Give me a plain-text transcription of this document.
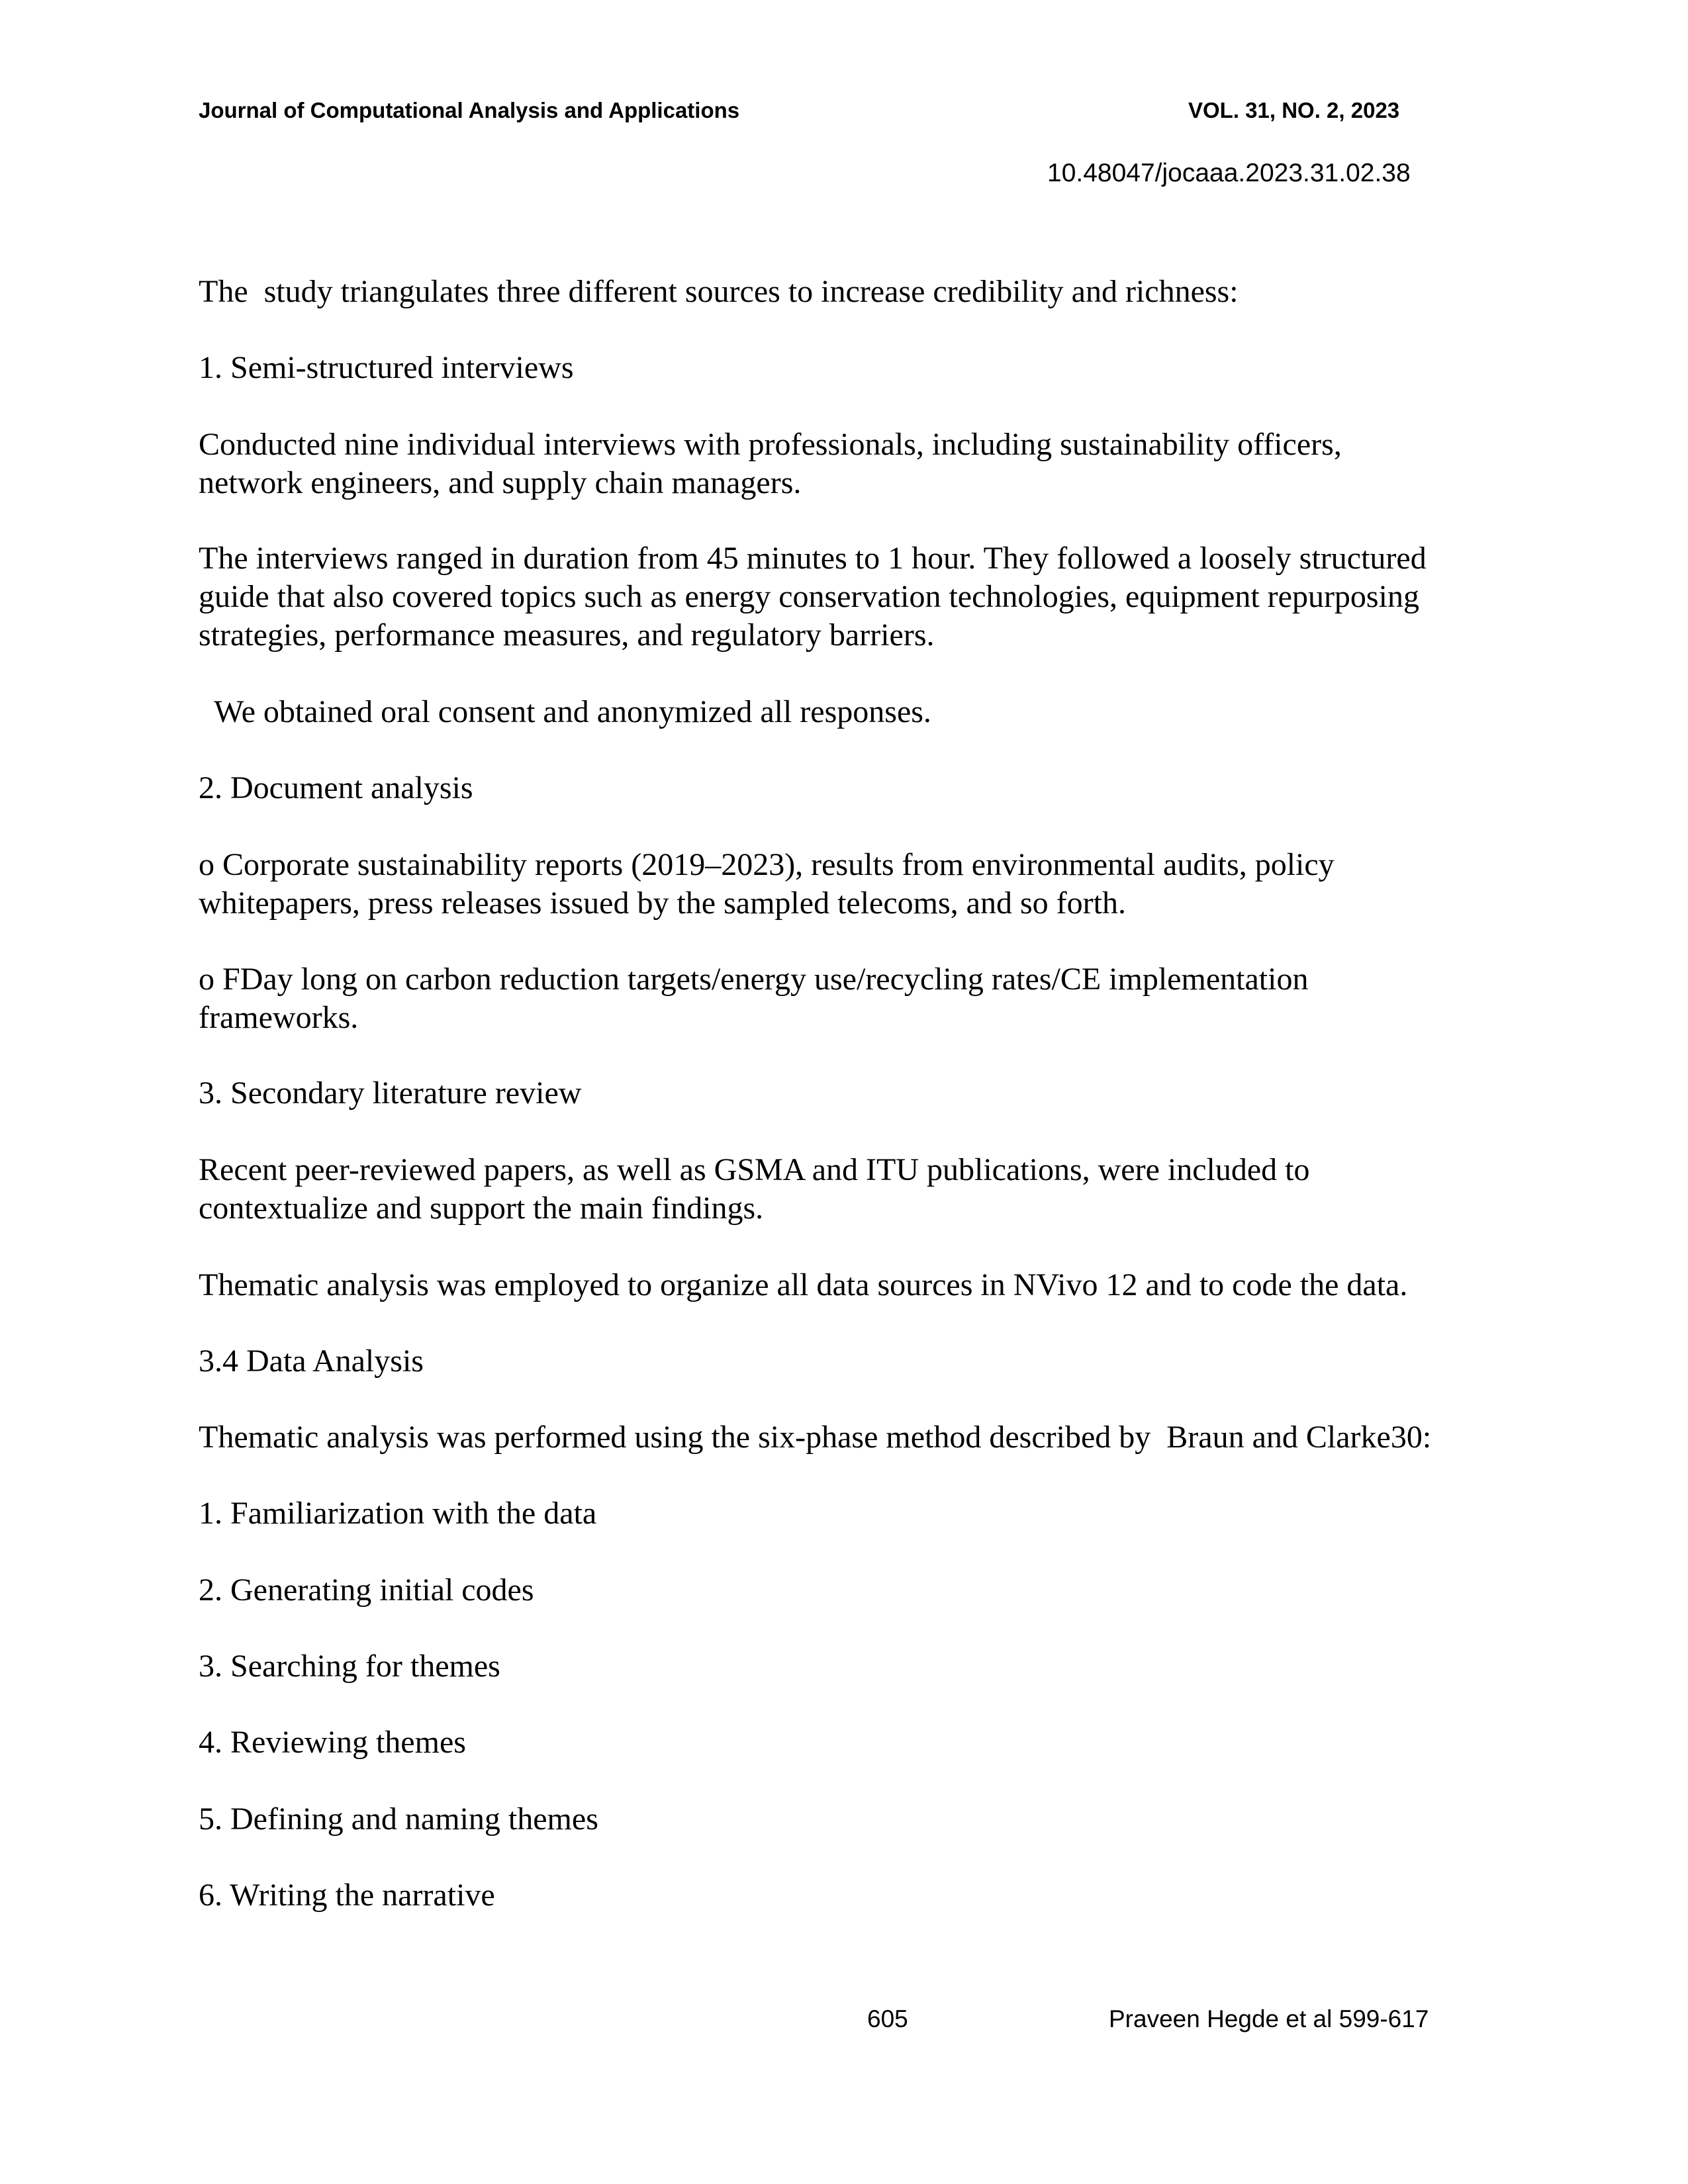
Journal of Computational Analysis and Applications	VOL. 31, NO. 2, 2023
10.48047/jocaaa.2023.31.02.38

The  study triangulates three different sources to increase credibility and richness:

1. Semi-structured interviews

Conducted nine individual interviews with professionals, including sustainability officers, network engineers, and supply chain managers.

The interviews ranged in duration from 45 minutes to 1 hour. They followed a loosely structured guide that also covered topics such as energy conservation technologies, equipment repurposing strategies, performance measures, and regulatory barriers.

We obtained oral consent and anonymized all responses.

2. Document analysis

o Corporate sustainability reports (2019–2023), results from environmental audits, policy whitepapers, press releases issued by the sampled telecoms, and so forth.

o FDay long on carbon reduction targets/energy use/recycling rates/CE implementation frameworks.

3. Secondary literature review

Recent peer-reviewed papers, as well as GSMA and ITU publications, were included to contextualize and support the main findings.

Thematic analysis was employed to organize all data sources in NVivo 12 and to code the data.

3.4 Data Analysis

Thematic analysis was performed using the six-phase method described by  Braun and Clarke30:

1. Familiarization with the data

2. Generating initial codes

3. Searching for themes

4. Reviewing themes

5. Defining and naming themes

6. Writing the narrative

605	Praveen Hegde et al 599-617
